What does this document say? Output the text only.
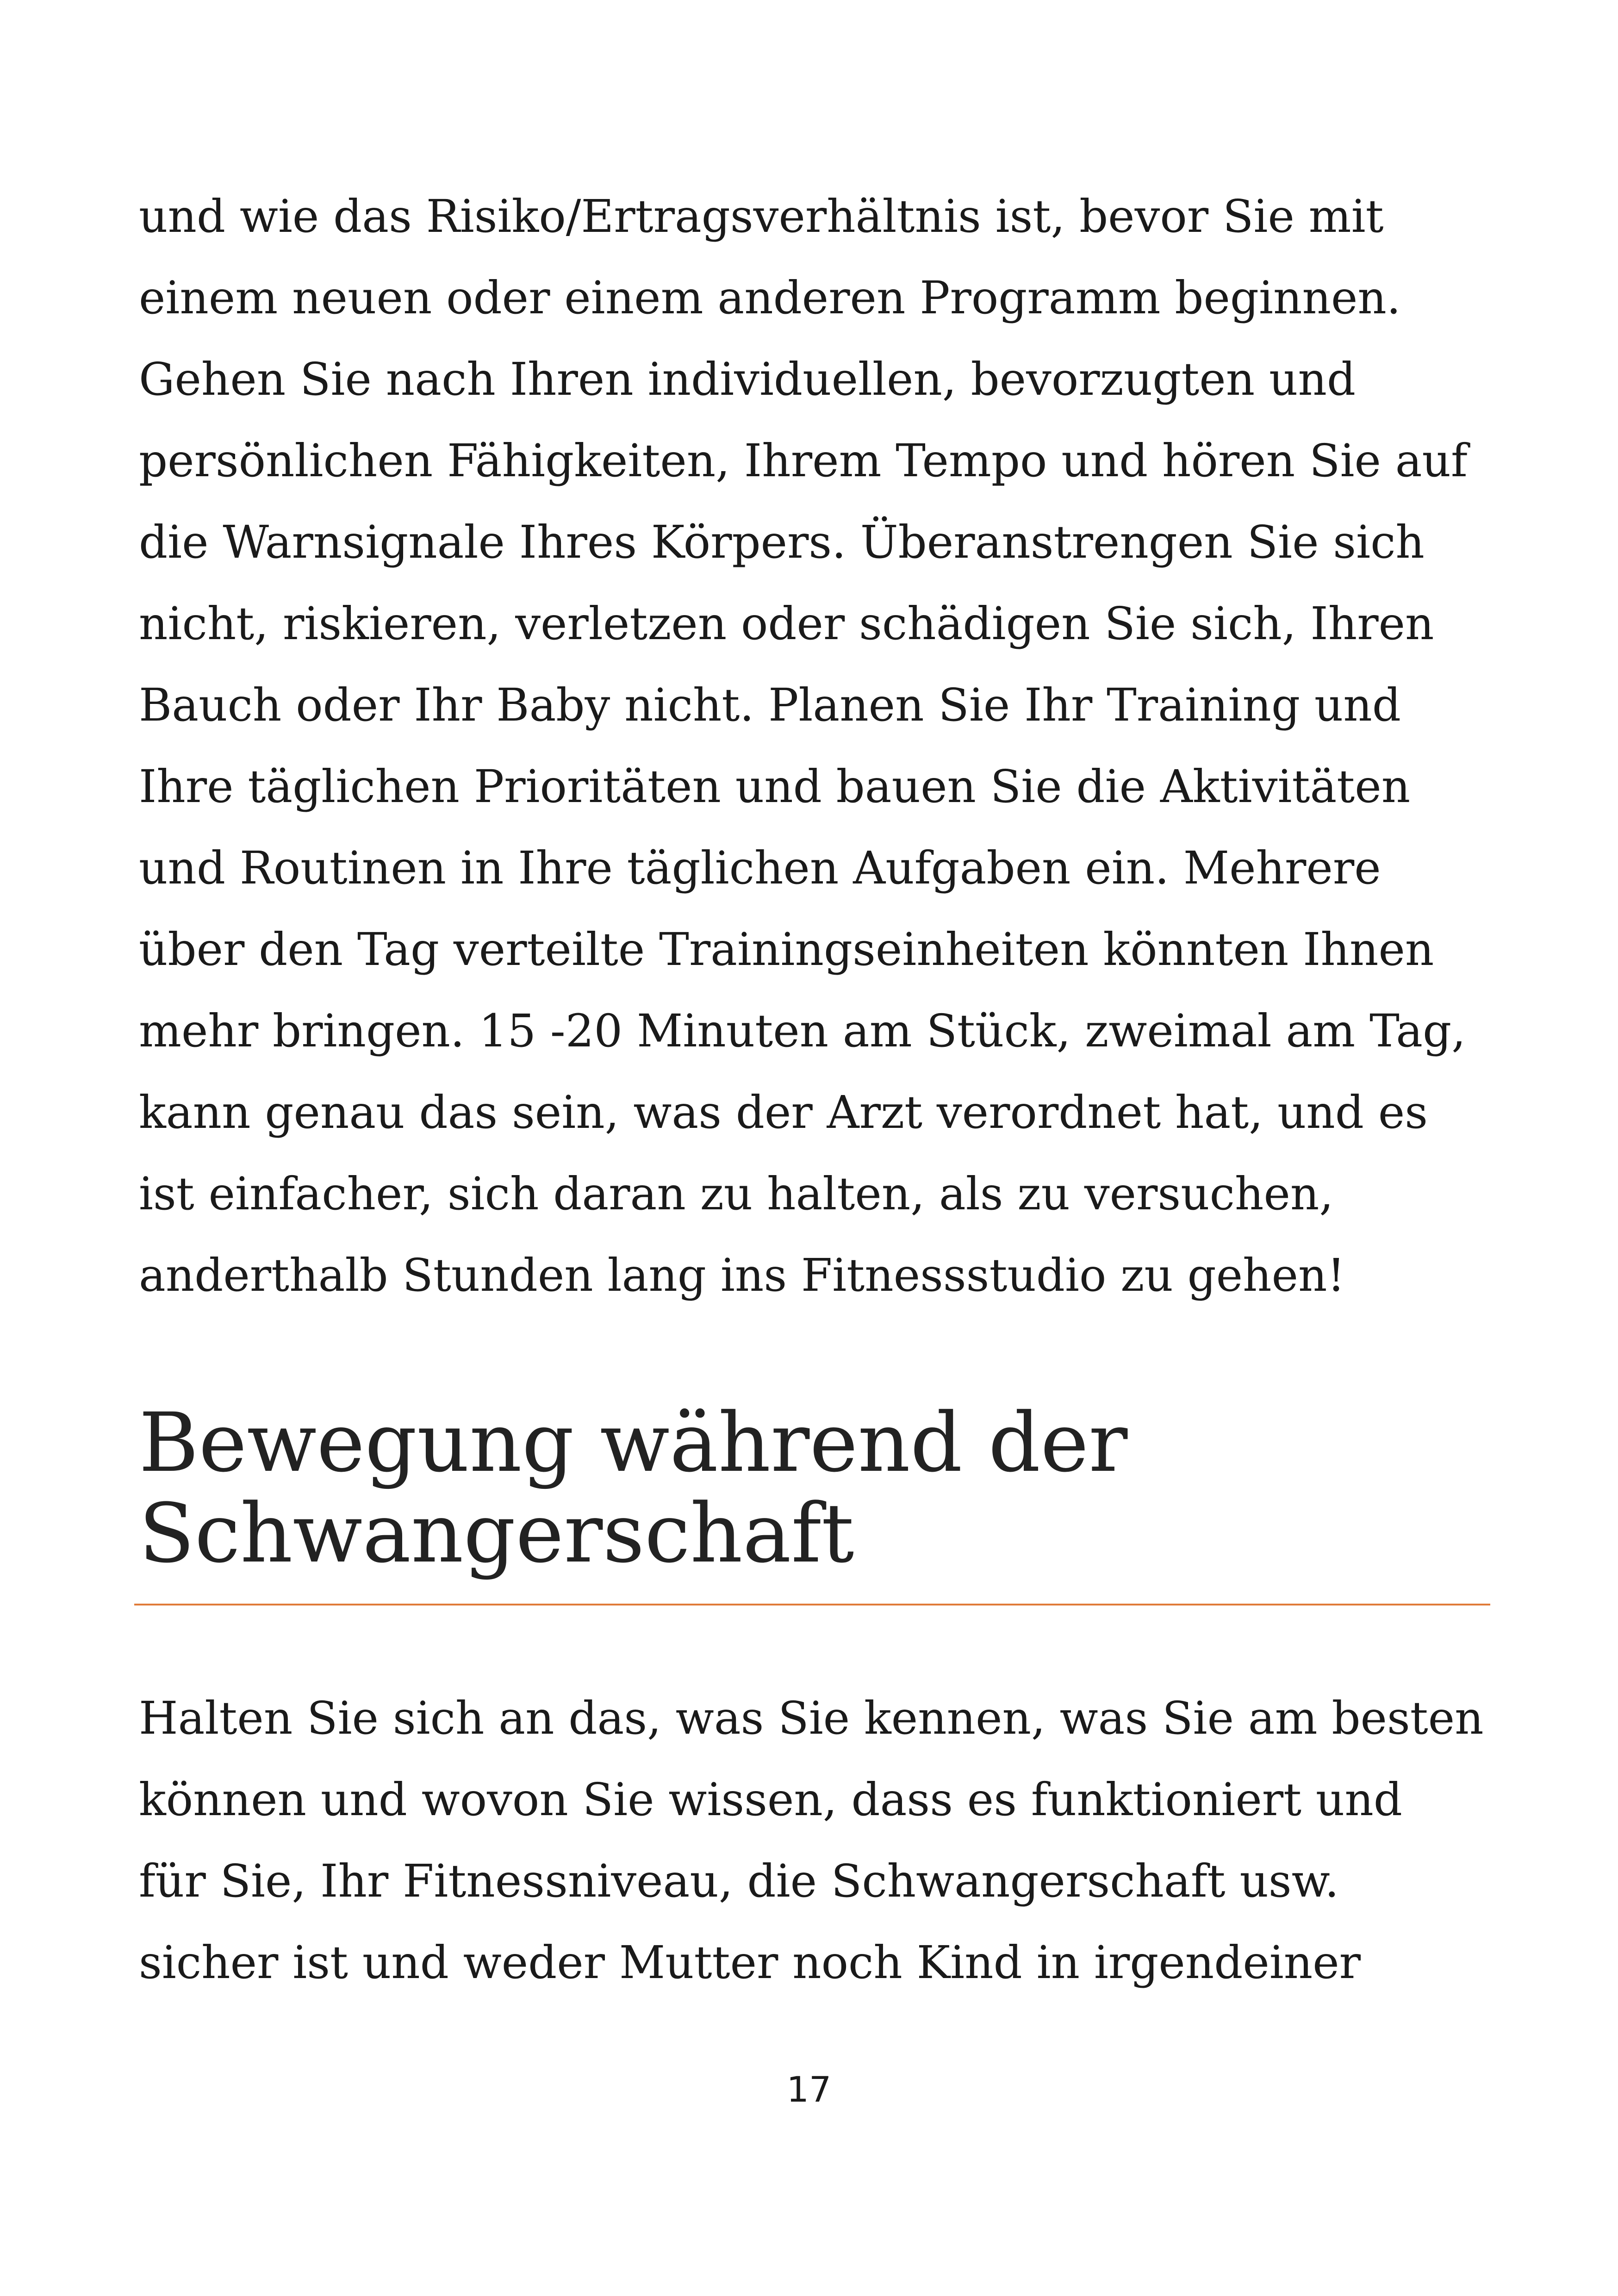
und wie das Risiko/Ertragsverhältnis ist, bevor Sie mit
einem neuen oder einem anderen Programm beginnen.
Gehen Sie nach Ihren individuellen, bevorzugten und
persönlichen Fähigkeiten, Ihrem Tempo und hören Sie auf
die Warnsignale Ihres Körpers. Überanstrengen Sie sich
nicht, riskieren, verletzen oder schädigen Sie sich, Ihren
Bauch oder Ihr Baby nicht. Planen Sie Ihr Training und
Ihre täglichen Prioritäten und bauen Sie die Aktivitäten
und Routinen in Ihre täglichen Aufgaben ein. Mehrere
über den Tag verteilte Trainingseinheiten könnten Ihnen
mehr bringen. 15 -20 Minuten am Stück, zweimal am Tag,
kann genau das sein, was der Arzt verordnet hat, und es
ist einfacher, sich daran zu halten, als zu versuchen,
anderthalb Stunden lang ins Fitnessstudio zu gehen!
Bewegung während der
Schwangerschaft
Halten Sie sich an das, was Sie kennen, was Sie am besten
können und wovon Sie wissen, dass es funktioniert und
für Sie, Ihr Fitnessniveau, die Schwangerschaft usw.
sicher ist und weder Mutter noch Kind in irgendeiner
17
